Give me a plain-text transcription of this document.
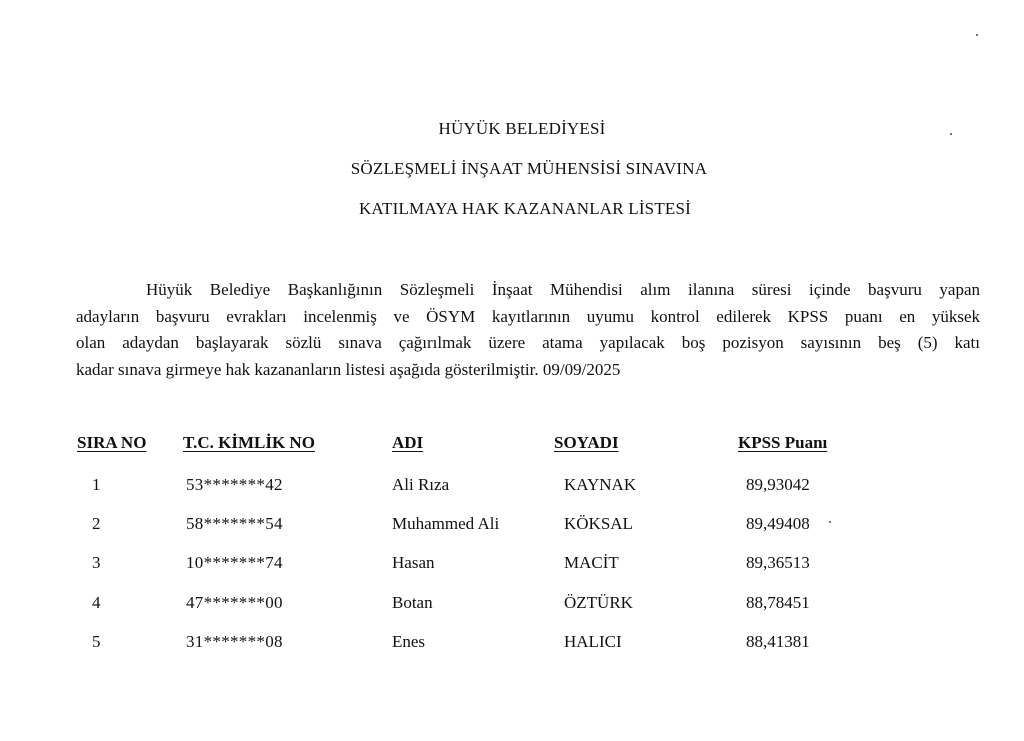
HÜYÜK BELEDİYESİ
SÖZLEŞMELİ İNŞAAT MÜHENSİSİ SINAVINA
KATILMAYA HAK KAZANANLAR LİSTESİ
Hüyük Belediye Başkanlığının Sözleşmeli İnşaat Mühendisi alım ilanına süresi içinde başvuru yapan
adayların başvuru evrakları incelenmiş ve ÖSYM kayıtlarının uyumu kontrol edilerek KPSS puanı en yüksek
olan adaydan başlayarak sözlü sınava çağırılmak üzere atama yapılacak boş pozisyon sayısının beş (5) katı
kadar sınava girmeye hak kazananların listesi aşağıda gösterilmiştir. 09/09/2025
SIRA NO T.C. KİMLİK NO	ADI	SOYADI	KPSS Puanı
1	53*******42	Ali Rıza	KAYNAK	89,93042
2	58*******54	Muhammed Ali	KÖKSAL	89,49408
3	10*******74	Hasan	MACİT	89,36513
4	47*******00	Botan	ÖZTÜRK	88,78451
5	31*******08	Enes	HALICI	88,41381
